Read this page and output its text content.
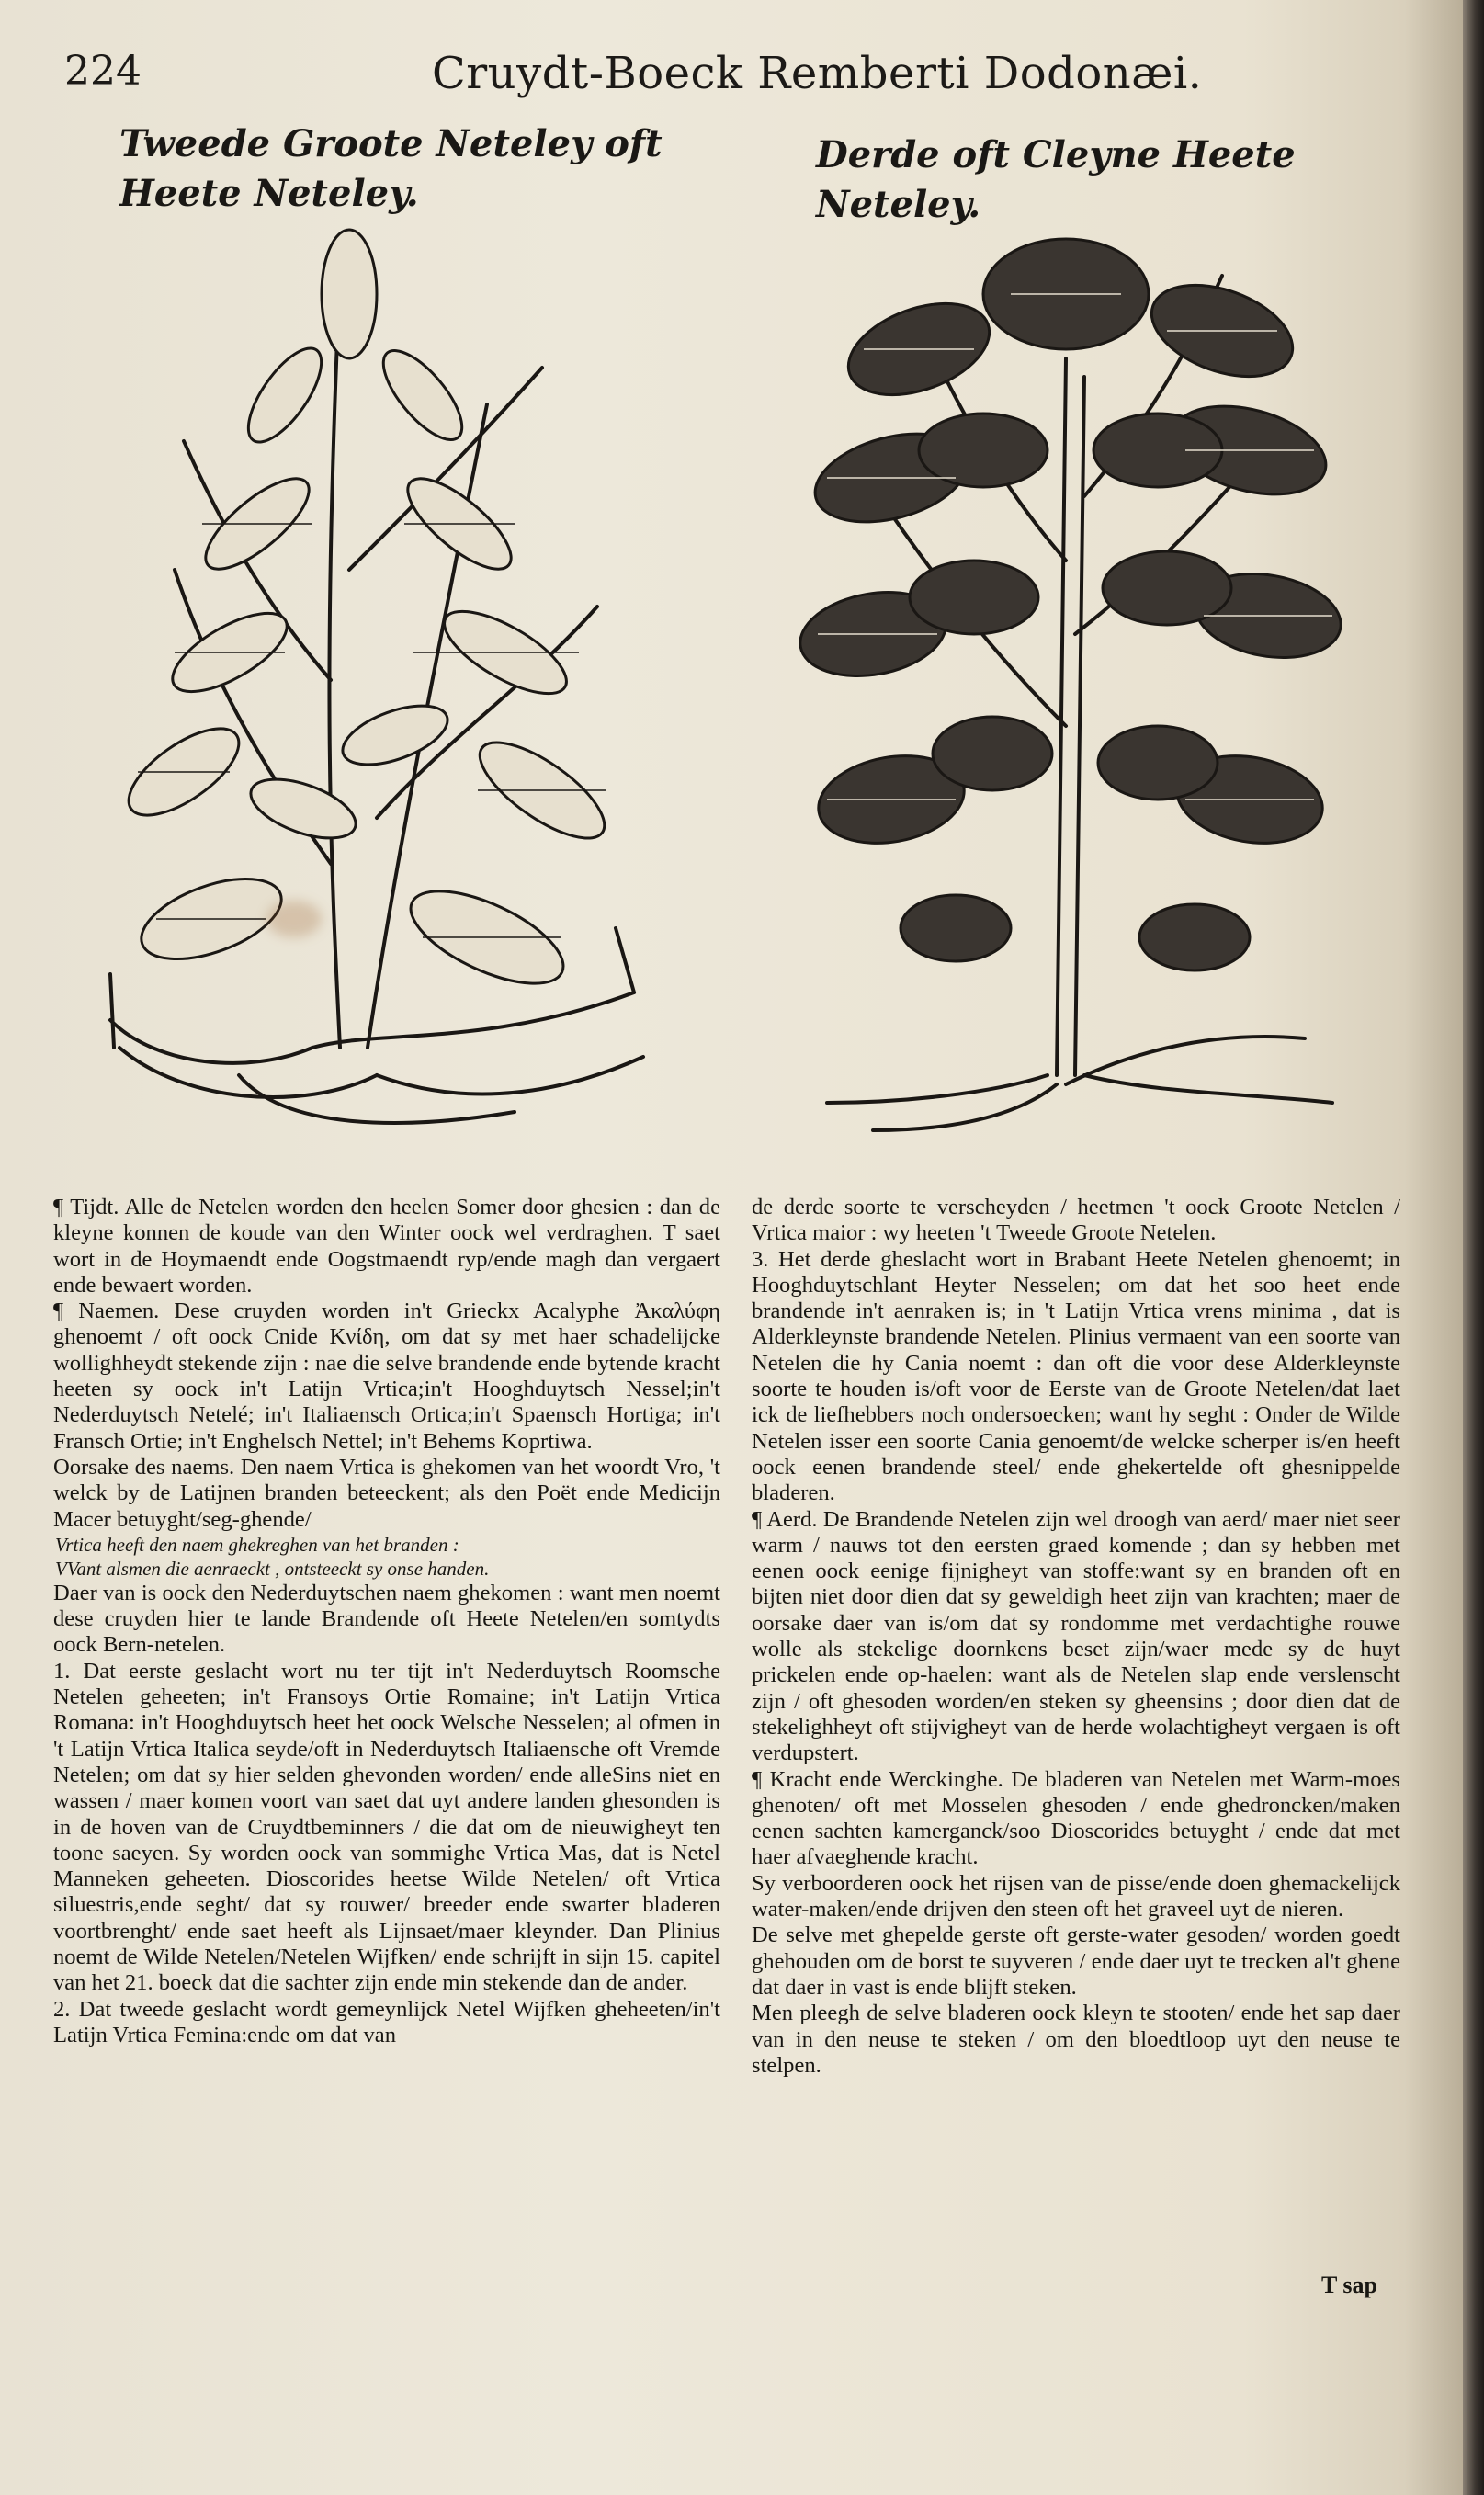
224	Cruydt-Boeck Remberti Dodonæi.
Tweede Groote Neteley oft Heete Neteley.
Derde oft Cleyne Heete Neteley.

¶ Tijdt. Alle de Netelen worden den heelen Somer door ghesien : dan de kleyne konnen de koude van den Winter oock wel verdraghen. T saet wort in de Hoymaendt ende Oogstmaendt ryp/ende magh dan vergaert ende bewaert worden.

¶ Naemen. Dese cruyden worden in't Grieckx Acalyphe Ἀκαλύφη ghenoemt / oft oock Cnide Κνίδη, om dat sy met haer schadelijcke wollighheydt stekende zijn : nae die selve brandende ende bytende kracht heeten sy oock in't Latijn Vrtica;in't Hooghduytsch Nessel;in't Nederduytsch Netelé; in't Italiaensch Ortica;in't Spaensch Hortiga; in't Fransch Ortie; in't Enghelsch Nettel; in't Behems Koprtiwa.

Oorsake des naems. Den naem Vrtica is ghekomen van het woordt Vro, 't welck by de Latijnen branden beteeckent; als den Poët ende Medicijn Macer betuyght/seg-ghende/

Vrtica heeft den naem ghekreghen van het branden :

VVant alsmen die aenraeckt , ontsteeckt sy onse handen.

Daer van is oock den Nederduytschen naem ghekomen : want men noemt dese cruyden hier te lande Brandende oft Heete Netelen/en somtydts oock Bern-netelen.

1. Dat eerste geslacht wort nu ter tijt in't Nederduytsch Roomsche Netelen geheeten; in't Fransoys Ortie Romaine; in't Latijn Vrtica Romana: in't Hooghduytsch heet het oock Welsche Nesselen; al ofmen in 't Latijn Vrtica Italica seyde/oft in Nederduytsch Italiaensche oft Vremde Netelen; om dat sy hier selden ghevonden worden/ ende alleSins niet en wassen / maer komen voort van saet dat uyt andere landen ghesonden is in de hoven van de Cruydtbeminners / die dat om de nieuwigheyt ten toone saeyen. Sy worden oock van sommighe Vrtica Mas, dat is Netel Manneken geheeten. Dioscorides heetse Wilde Netelen/ oft Vrtica siluestris,ende seght/ dat sy rouwer/ breeder ende swarter bladeren voortbrenght/ ende saet heeft als Lijnsaet/maer kleynder. Dan Plinius noemt de Wilde Netelen/Netelen Wijfken/ ende schrijft in sijn 15. capitel van het 21. boeck dat die sachter zijn ende min stekende dan de ander.

2. Dat tweede geslacht wordt gemeynlijck Netel Wijfken gheheeten/in't Latijn Vrtica Femina:ende om dat van

de derde soorte te verscheyden / heetmen 't oock Groote Netelen / Vrtica maior : wy heeten 't Tweede Groote Netelen.

3. Het derde gheslacht wort in Brabant Heete Netelen ghenoemt; in Hooghduytschlant Heyter Nesselen; om dat het soo heet ende brandende in't aenraken is; in 't Latijn Vrtica vrens minima , dat is Alderkleynste brandende Netelen. Plinius vermaent van een soorte van Netelen die hy Cania noemt : dan oft die voor dese Alderkleynste soorte te houden is/oft voor de Eerste van de Groote Netelen/dat laet ick de liefhebbers noch ondersoecken; want hy seght : Onder de Wilde Netelen isser een soorte Cania genoemt/de welcke scherper is/en heeft oock eenen brandende steel/ ende ghekertelde oft ghesnippelde bladeren.

¶ Aerd. De Brandende Netelen zijn wel droogh van aerd/ maer niet seer warm / nauws tot den eersten graed komende ; dan sy hebben met eenen oock eenige fijnigheyt van stoffe:want sy en branden oft en bijten niet door dien dat sy geweldigh heet zijn van krachten; maer de oorsake daer van is/om dat sy rondomme met verdachtighe rouwe wolle als stekelige doornkens beset zijn/waer mede sy de huyt prickelen ende op-haelen: want als de Netelen slap ende verslenscht zijn / oft ghesoden worden/en steken sy gheensins ; door dien dat de stekelighheyt oft stijvigheyt van de herde wolachtigheyt vergaen is oft verdupstert.

¶ Kracht ende Werckinghe. De bladeren van Netelen met Warm-moes ghenoten/ oft met Mosselen ghesoden / ende ghedroncken/maken eenen sachten kamerganck/soo Dioscorides betuyght / ende dat met haer afvaeghende kracht.

Sy verboorderen oock het rijsen van de pisse/ende doen ghemackelijck water-maken/ende drijven den steen oft het graveel uyt de nieren.

De selve met ghepelde gerste oft gerste-water gesoden/ worden goedt ghehouden om de borst te suyveren / ende daer uyt te trecken al't ghene dat daer in vast is ende blijft steken.

Men pleegh de selve bladeren oock kleyn te stooten/ ende het sap daer van in den neuse te steken / om den bloedtloop uyt den neuse te stelpen.

T sap
